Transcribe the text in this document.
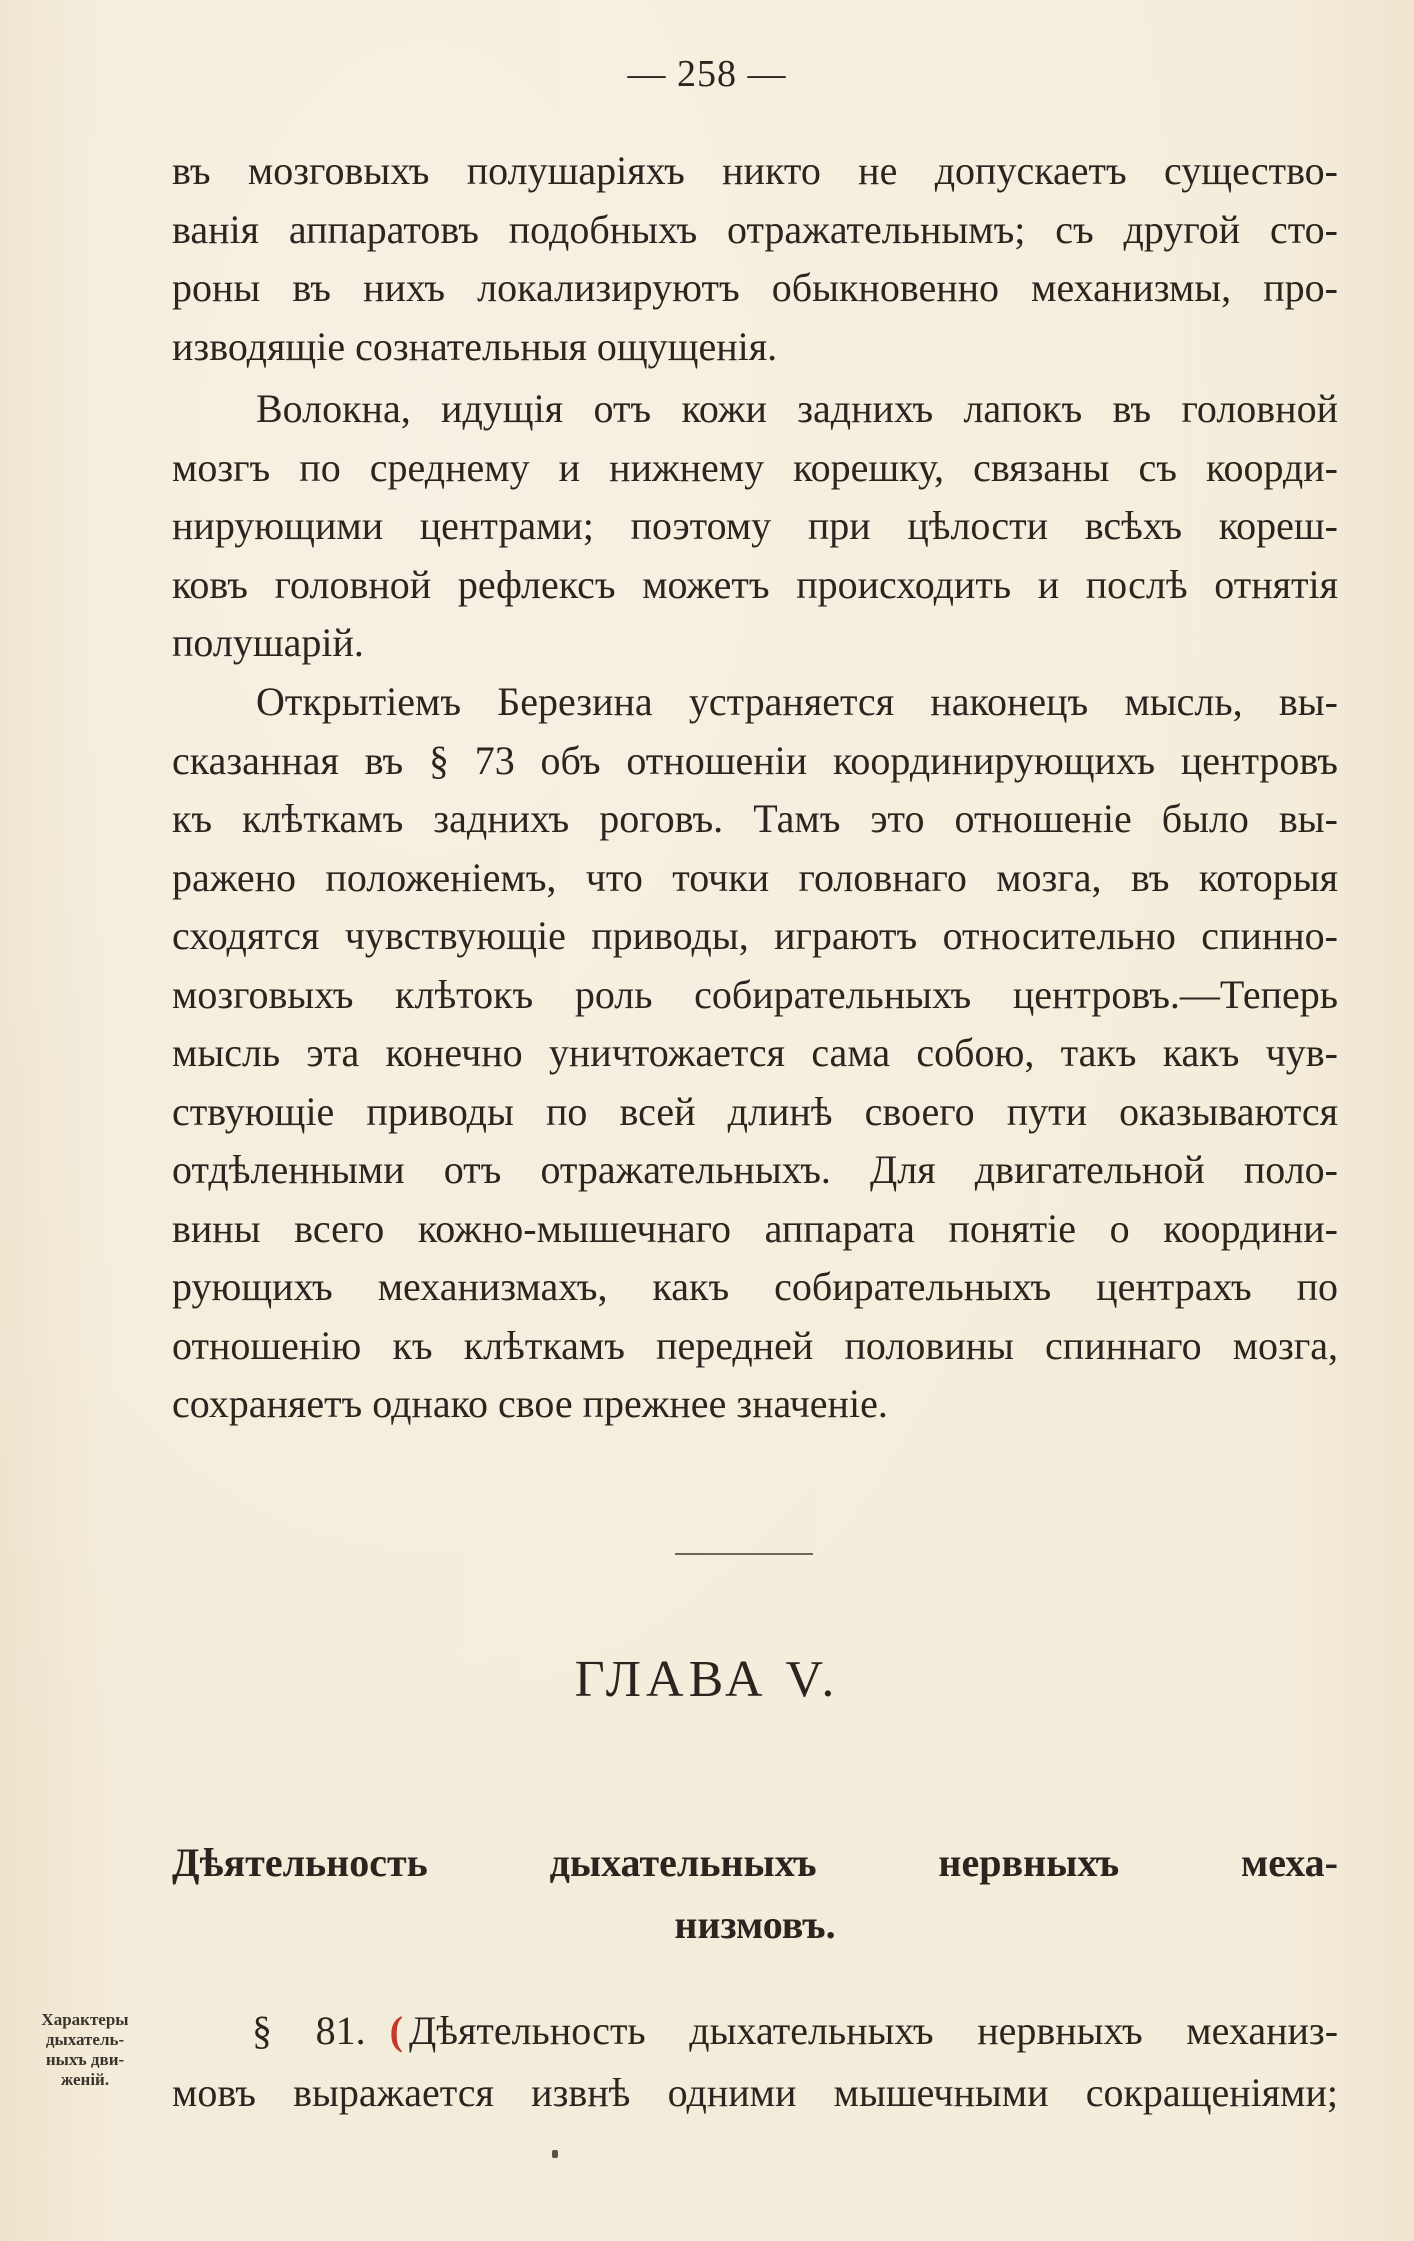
— 258 —
въ мозговыхъ полушаріяхъ никто не допускаетъ существо-
ванія аппаратовъ подобныхъ отражательнымъ; съ другой сто-
роны въ нихъ локализируютъ обыкновенно механизмы, про-
изводящіе сознательныя ощущенія.
Волокна, идущія отъ кожи заднихъ лапокъ въ головной
мозгъ по среднему и нижнему корешку, связаны съ коорди-
нирующими центрами; поэтому при цѣлости всѣхъ кореш-
ковъ головной рефлексъ можетъ происходить и послѣ отнятія
полушарій.
Открытіемъ Березина устраняется наконецъ мысль, вы-
сказанная въ § 73 объ отношеніи координирующихъ центровъ
къ клѣткамъ заднихъ роговъ. Тамъ это отношеніе было вы-
ражено положеніемъ, что точки головнаго мозга, въ которыя
сходятся чувствующіе приводы, играютъ относительно спинно-
мозговыхъ клѣтокъ роль собирательныхъ центровъ.—Теперь
мысль эта конечно уничтожается сама собою, такъ какъ чув-
ствующіе приводы по всей длинѣ своего пути оказываются
отдѣленными отъ отражательныхъ. Для двигательной поло-
вины всего кожно-мышечнаго аппарата понятіе о координи-
рующихъ механизмахъ, какъ собирательныхъ центрахъ по
отношенію къ клѣткамъ передней половины спиннаго мозга,
сохраняетъ однако свое прежнее значеніе.
ГЛАВА V.
Дѣятельность дыхательныхъ нервныхъ меха-
низмовъ.
Характеры
дыхатель-
ныхъ дви-
женій.
§ 81. ( Дѣятельность дыхательныхъ нервныхъ механиз-
мовъ выражается извнѣ одними мышечными сокращеніями;
